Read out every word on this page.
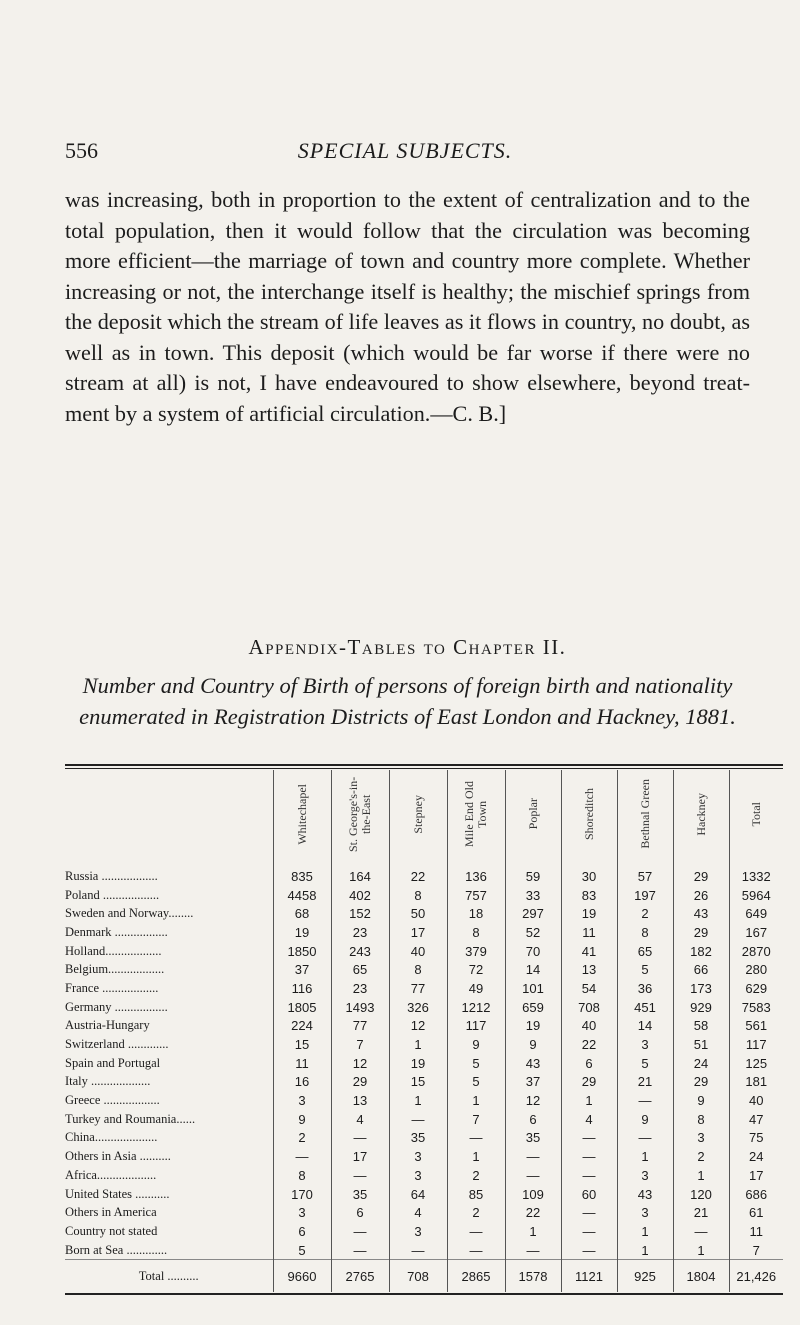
556	SPECIAL SUBJECTS.

was increasing, both in proportion to the extent of centralization and to the total population, then it would follow that the circulation was becoming more efficient—the marriage of town and country more complete. Whether increasing or not, the interchange itself is healthy; the mischief springs from the deposit which the stream of life leaves as it flows in country, no doubt, as well as in town. This deposit (which would be far worse if there were no stream at all) is not, I have endeavoured to show elsewhere, beyond treatment by a system of artificial circulation.—C. B.]

Appendix-Tables to Chapter II.

Number and Country of Birth of persons of foreign birth and nationality enumerated in Registration Districts of East London and Hackney, 1881.

	Whitechapel	St. George's-in-the-East	Stepney	Mile End Old Town	Poplar	Shoreditch	Bethnal Green	Hackney	Total
Russia ..................	835	164	22	136	59	30	57	29	1332
Poland ..................	4458	402	8	757	33	83	197	26	5964
Sweden and Norway........	68	152	50	18	297	19	2	43	649
Denmark .................	19	23	17	8	52	11	8	29	167
Holland..................	1850	243	40	379	70	41	65	182	2870
Belgium..................	37	65	8	72	14	13	5	66	280
France ..................	116	23	77	49	101	54	36	173	629
Germany .................	1805	1493	326	1212	659	708	451	929	7583
Austria-Hungary	224	77	12	117	19	40	14	58	561
Switzerland .............	15	7	1	9	9	22	3	51	117
Spain and Portugal	11	12	19	5	43	6	5	24	125
Italy ...................	16	29	15	5	37	29	21	29	181
Greece ..................	3	13	1	1	12	1	—	9	40
Turkey and Roumania......	9	4	—	7	6	4	9	8	47
China....................	2	—	35	—	35	—	—	3	75
Others in Asia ..........	—	17	3	1	—	—	1	2	24
Africa...................	8	—	3	2	—	—	3	1	17
United States ...........	170	35	64	85	109	60	43	120	686
Others in America	3	6	4	2	22	—	3	21	61
Country not stated	6	—	3	—	1	—	1	—	11
Born at Sea .............	5	—	—	—	—	—	1	1	7
Total ..........	9660	2765	708	2865	1578	1121	925	1804	21,426
